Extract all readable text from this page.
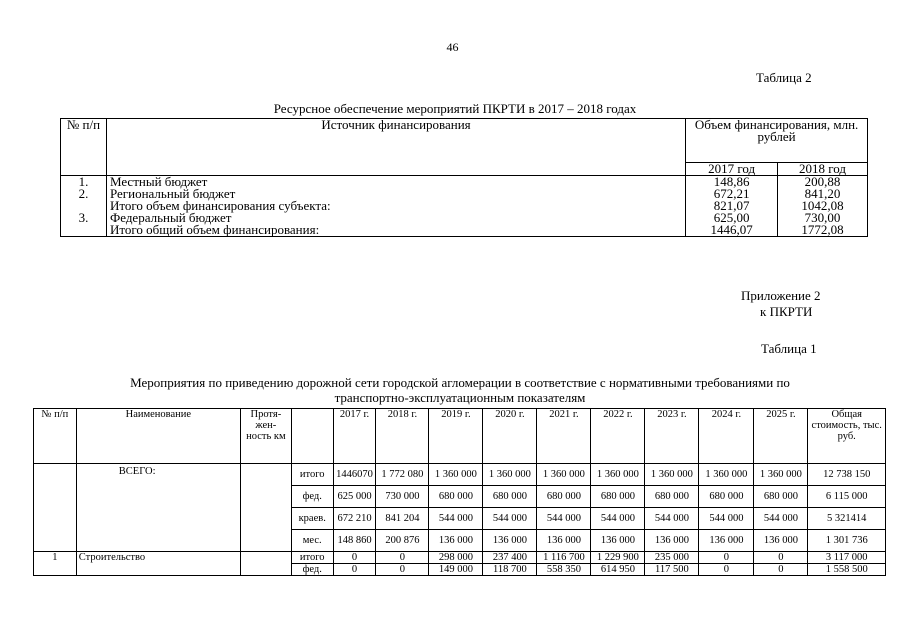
46
Таблица 2
Ресурсное обеспечение мероприятий ПКРТИ в 2017 – 2018 годах
№ п/п	Источник финансирования	Объем финансирования, млн. рублей	
		2017 год	2018 год
1.	Местный бюджет	148,86	200,88
2.	Региональный бюджет	672,21	841,20
	Итого объем финансирования субъекта:	821,07	1042,08
3.	Федеральный бюджет	625,00	730,00
	Итого общий объем финансирования:	1446,07	1772,08
Приложение 2
к ПКРТИ
Таблица 1
Мероприятия по приведению дорожной сети городской агломерации в соответствие с нормативными требованиями по
транспортно-эксплуатационным показателям
№ п/п	Наименование	Протя-жен-ность км		2017 г.	2018 г.	2019 г.	2020 г.	2021 г.	2022 г.	2023 г.	2024 г.	2025 г.	Общая стоимость, тыс. руб.
	ВСЕГО:		итого	1446070	1 772 080	1 360 000	1 360 000	1 360 000	1 360 000	1 360 000	1 360 000	1 360 000	12 738 150
			фед.	625 000	730 000	680 000	680 000	680 000	680 000	680 000	680 000	680 000	6 115 000
			краев.	672 210	841 204	544 000	544 000	544 000	544 000	544 000	544 000	544 000	5 321414
			мес.	148 860	200 876	136 000	136 000	136 000	136 000	136 000	136 000	136 000	1 301 736
1	Строительство		итого	0	0	298 000	237 400	1 116 700	1 229 900	235 000	0	0	3 117 000
			фед.	0	0	149 000	118 700	558 350	614 950	117 500	0	0	1 558 500
